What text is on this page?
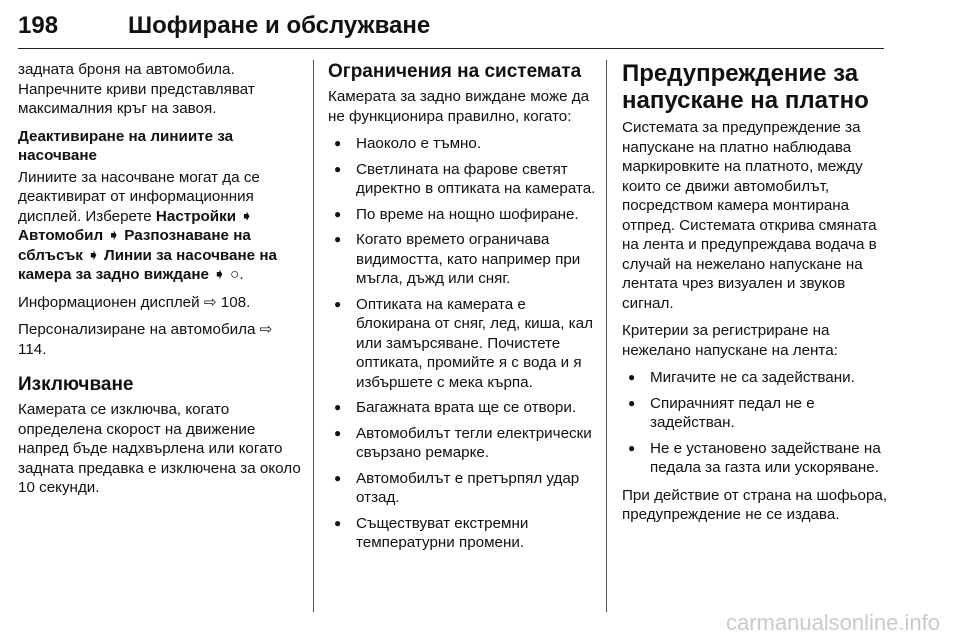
198	Шофиране и обслужване

задната броня на автомобила. Напречните криви представляват максималния кръг на завоя.

Деактивиране на линиите за насочване

Линиите за насочване могат да се деактивират от информационния дисплей. Изберете Настройки ➧ Автомобил ➧ Разпознаване на сблъсък ➧ Линии за насочване на камера за задно виждане ➧ ○.

Информационен дисплей ⇨ 108.

Персонализиране на автомобила ⇨ 114.

Изключване

Камерата се изключва, когато определена скорост на движение напред бъде надхвърлена или когато задната предавка е изключена за около 10 секунди.

Ограничения на системата

Камерата за задно виждане може да не функционира правилно, когато:

● Наоколо е тъмно.
● Светлината на фарове светят директно в оптиката на камерата.
● По време на нощно шофиране.
● Когато времето ограничава видимостта, като например при мъгла, дъжд или сняг.
● Оптиката на камерата е блокирана от сняг, лед, киша, кал или замърсяване. Почистете оптиката, промийте я с вода и я избършете с мека кърпа.
● Багажната врата ще се отвори.
● Автомобилът тегли електрически свързано ремарке.
● Автомобилът е претърпял удар отзад.
● Съществуват екстремни температурни промени.
Предупреждение за напускане на платно

Системата за предупреждение за напускане на платно наблюдава маркировките на платното, между които се движи автомобилът, посредством камера монтирана отпред. Системата открива смяната на лента и предупреждава водача в случай на нежелано напускане на лентата чрез визуален и звуков сигнал.

Критерии за регистриране на нежелано напускане на лента:

● Мигачите не са задействани.
● Спирачният педал не е задействан.
● Не е установено задействане на педала за газта или ускоряване.

При действие от страна на шофьора, предупреждение не се издава.

carmanualsonline.info
